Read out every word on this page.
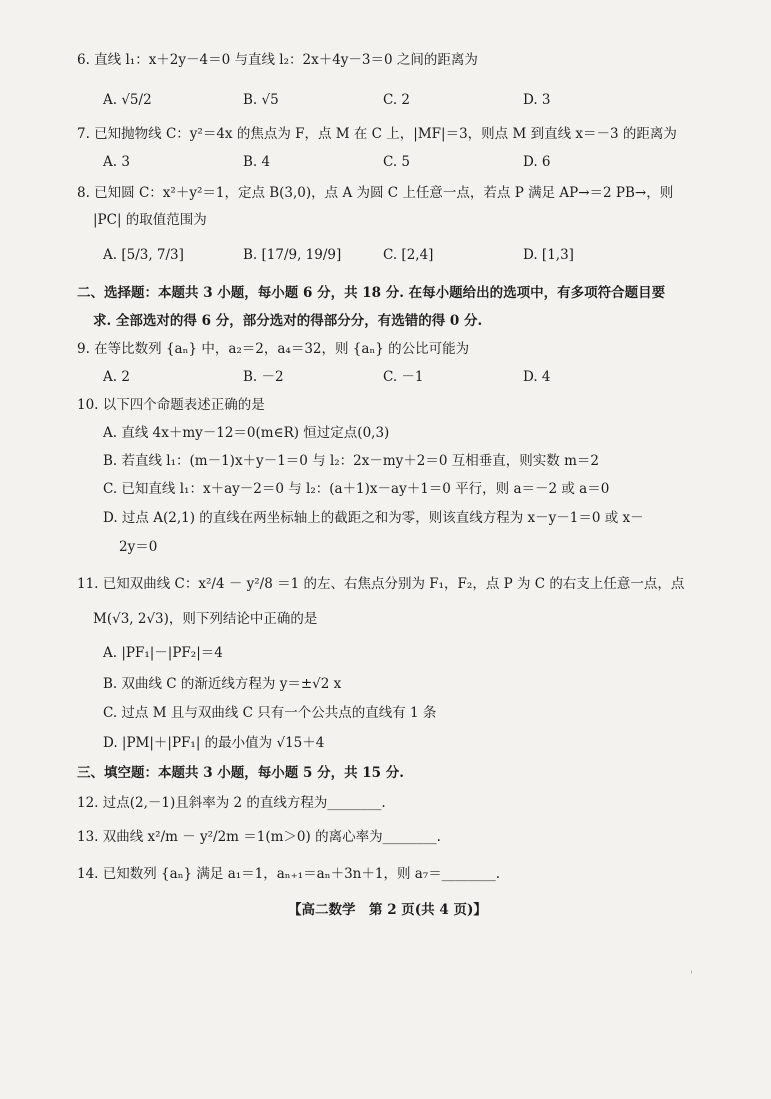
6. 直线 l₁：x＋2y－4＝0 与直线 l₂：2x＋4y－3＝0 之间的距离为
A. √5/2	B. √5	C. 2	D. 3
7. 已知抛物线 C：y²＝4x 的焦点为 F，点 M 在 C 上，|MF|＝3，则点 M 到直线 x＝－3 的距离为
A. 3	B. 4	C. 5	D. 6
8. 已知圆 C：x²＋y²＝1，定点 B(3,0)，点 A 为圆 C 上任意一点，若点 P 满足 AP→＝2 PB→，则
|PC| 的取值范围为
A. [5/3, 7/3]	B. [17/9, 19/9]	C. [2,4]	D. [1,3]
二、选择题：本题共 3 小题，每小题 6 分，共 18 分. 在每小题给出的选项中，有多项符合题目要
求. 全部选对的得 6 分，部分选对的得部分分，有选错的得 0 分.
9. 在等比数列 {aₙ} 中，a₂＝2，a₄＝32，则 {aₙ} 的公比可能为
A. 2	B. －2	C. －1	D. 4
10. 以下四个命题表述正确的是
A. 直线 4x＋my－12＝0(m∈R) 恒过定点(0,3)
B. 若直线 l₁：(m－1)x＋y－1＝0 与 l₂：2x－my＋2＝0 互相垂直，则实数 m＝2
C. 已知直线 l₁：x＋ay－2＝0 与 l₂：(a＋1)x－ay＋1＝0 平行，则 a＝－2 或 a＝0
D. 过点 A(2,1) 的直线在两坐标轴上的截距之和为零，则该直线方程为 x－y－1＝0 或 x－
2y＝0
11. 已知双曲线 C：x²/4 － y²/8 ＝1 的左、右焦点分别为 F₁，F₂，点 P 为 C 的右支上任意一点，点
M(√3, 2√3)，则下列结论中正确的是
A. |PF₁|－|PF₂|＝4
B. 双曲线 C 的渐近线方程为 y＝±√2 x
C. 过点 M 且与双曲线 C 只有一个公共点的直线有 1 条
D. |PM|＋|PF₁| 的最小值为 √15＋4
三、填空题：本题共 3 小题，每小题 5 分，共 15 分.
12. 过点(2,－1)且斜率为 2 的直线方程为________.
13. 双曲线 x²/m － y²/2m ＝1(m＞0) 的离心率为________.
14. 已知数列 {aₙ} 满足 a₁＝1，aₙ₊₁＝aₙ＋3n＋1，则 a₇＝________.
【高二数学　第 2 页(共 4 页)】
'
